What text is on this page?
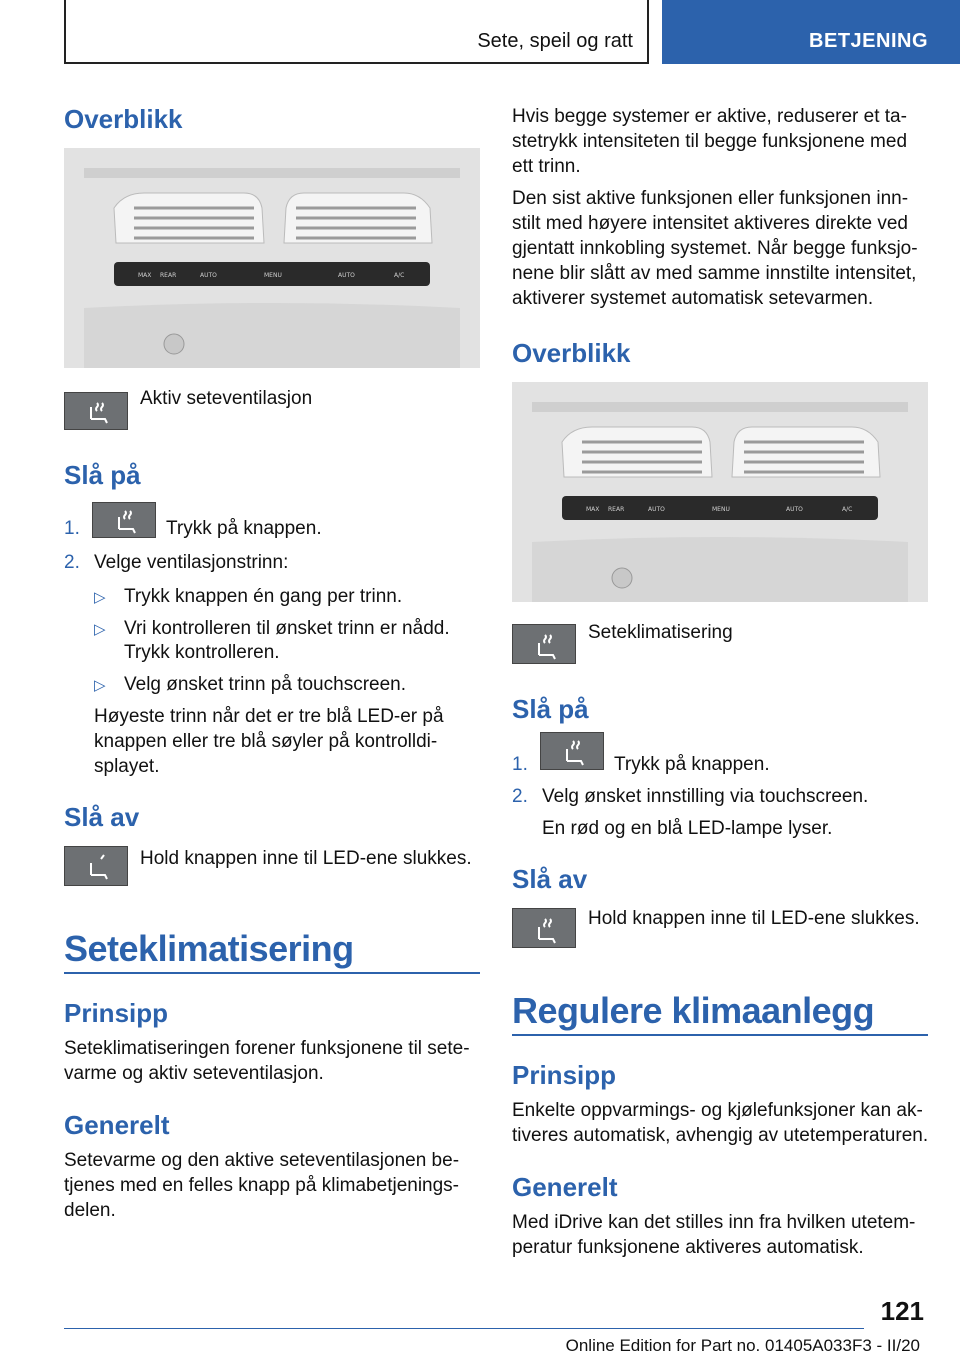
Sete, speil og ratt	BETJENING
Overblikk
MAX REAR	AUTO	MENU	AUTO	A/C
Aktiv seteventilasjon
Slå på

1.	Trykk på knappen.

2. Velge ventilasjonstrinn:

▷ Trykk knappen én gang per trinn.

▷ Vri kontrolleren til ønsket trinn er nådd.

Trykk kontrolleren.

▷ Velg ønsket trinn på touchscreen.

Høyeste trinn når det er tre blå LED-er på

knappen eller tre blå søyler på kontrolldi-

splayet.

Slå av

Hold knappen inne til LED-ene slukkes.

Seteklimatisering
Prinsipp

Seteklimatiseringen forener funksjonene til sete-

varme og aktiv seteventilasjon.

Generelt

Setevarme og den aktive seteventilasjonen be-

tjenes med en felles knapp på klimabetjenings-

delen.

Hvis begge systemer er aktive, reduserer et ta-

stetrykk intensiteten til begge funksjonene med

ett trinn.

Den sist aktive funksjonen eller funksjonen inn-

stilt med høyere intensitet aktiveres direkte ved

gjentatt innkobling systemet. Når begge funksjo-

nene blir slått av med samme innstilte intensitet,

aktiverer systemet automatisk setevarmen.

Overblikk
MAX REAR	AUTO	MENU	AUTO	A/C
Seteklimatisering
Slå på

1.	Trykk på knappen.

2. Velg ønsket innstilling via touchscreen.

En rød og en blå LED-lampe lyser.

Slå av

Hold knappen inne til LED-ene slukkes.

Regulere klimaanlegg
Prinsipp

Enkelte oppvarmings- og kjølefunksjoner kan ak-

tiveres automatisk, avhengig av utetemperaturen.

Generelt

Med iDrive kan det stilles inn fra hvilken utetem-

peratur funksjonene aktiveres automatisk.

121
Online Edition for Part no. 01405A033F3 - II/20
